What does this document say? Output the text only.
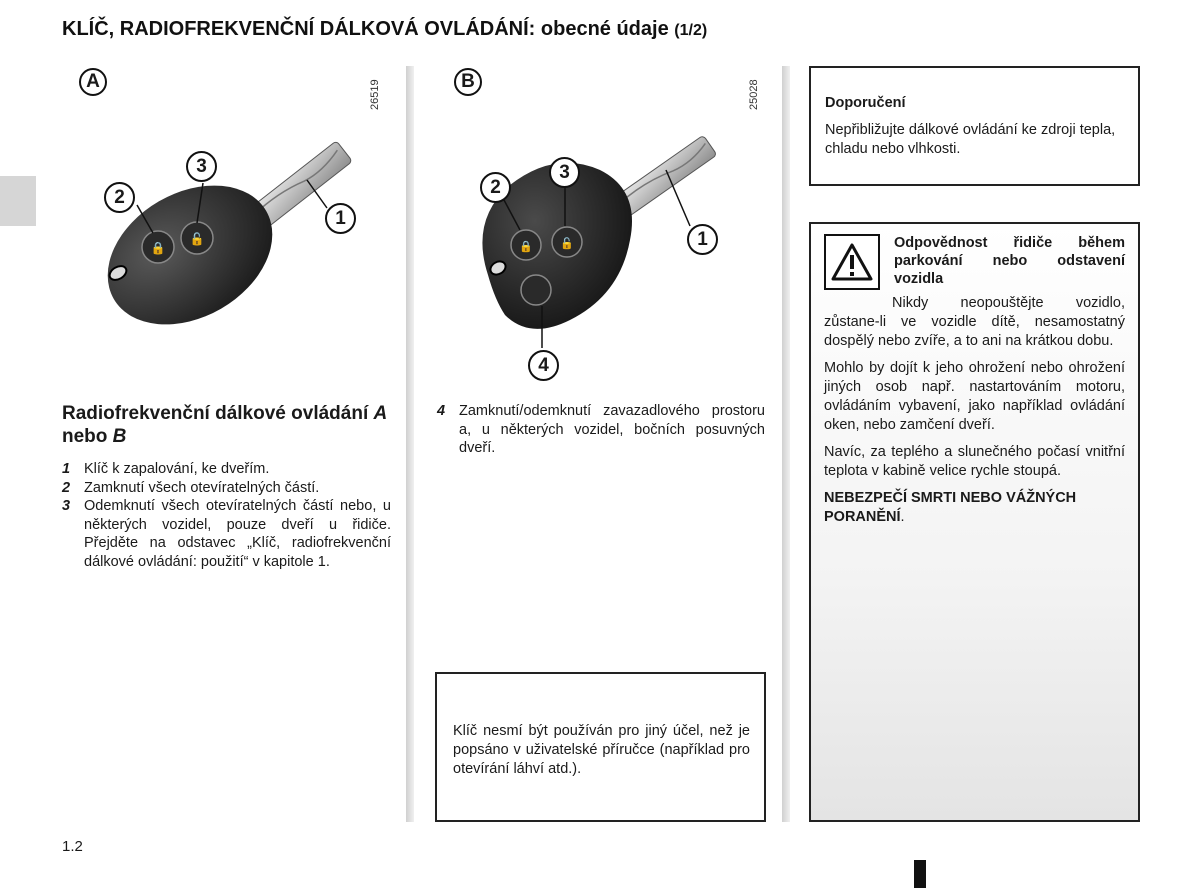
KLÍČ, RADIOFREKVENČNÍ DÁLKOVÁ OVLÁDÁNÍ: obecné údaje (1/2)
A	26519
🔒
🔓
1
2
3
B	25028
🔒 🔓	1
2
3
4
Radiofrekvenční dálkové ovládání A nebo B
1 Klíč k zapalování, ke dveřím.
2 Zamknutí všech otevíratelných částí.
3 Odemknutí všech otevíratelných částí nebo, u některých vozidel, pouze dveří u řidiče. Přejděte na odstavec „Klíč, radiofrekvenční dálkové ovládání: použití“ v kapitole 1.
4 Zamknutí/odemknutí zavazadlového prostoru a, u některých vozidel, bočních posuvných dveří.
Klíč nesmí být používán pro jiný účel, než je popsáno v uživatelské příručce (například pro otevírání láhví atd.).
Doporučení
Nepřibližujte dálkové ovládání ke zdroji tepla, chladu nebo vlhkosti.
Odpovědnost řidiče během parkování nebo odstavení vozidla
Nikdy neopouštějte vozidlo, zůstane-li ve vozidle dítě, nesamostatný dospělý nebo zvíře, a to ani na krátkou dobu.
Mohlo by dojít k jeho ohrožení nebo ohrožení jiných osob např. nastartováním motoru, ovládáním vybavení, jako například ovládání oken, nebo zamčení dveří.
Navíc, za teplého a slunečného počasí vnitřní teplota v kabině velice rychle stoupá.
NEBEZPEČÍ SMRTI NEBO VÁŽNÝCH PORANĚNÍ.
1.2
